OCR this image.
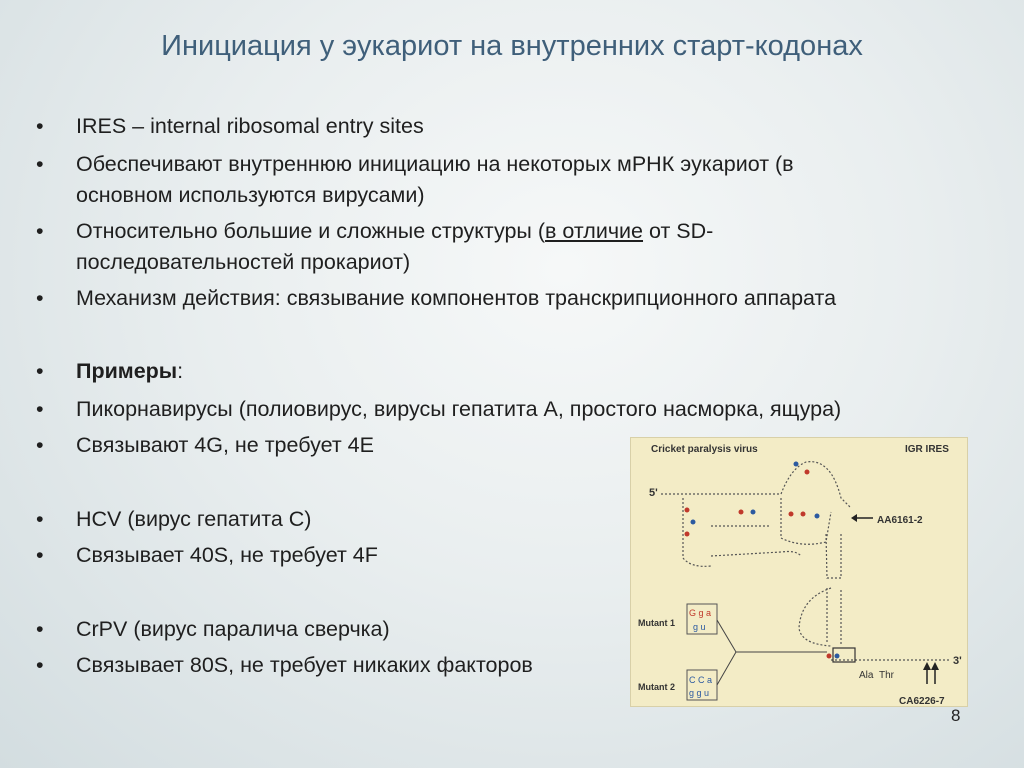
Инициация у эукариот на внутренних старт-кодонах
•	IRES – internal ribosomal entry sites
•	Обеспечивают внутреннюю инициацию на некоторых мРНК эукариот (в
основном используются вирусами)
•	Относительно большие и сложные структуры (в отличие от SD-
последовательностей прокариот)
•	Механизм действия: связывание компонентов транскрипционного аппарата
•	Примеры:
•	Пикорнавирусы (полиовирус, вирусы гепатита А, простого насморка, ящура)
•	Связывают 4G, не требует 4E
•	HCV (вирус гепатита С)
•	Связывает 40S, не требует 4F
•	CrPV (вирус паралича сверчка)
•	Связывает 80S, не требует никаких факторов
Cricket paralysis virus	IGR IRES
5'
3'
AA6161-2
CA6226-7
Mutant 1
Mutant 2
Ala Thr
G g a
g u
C C a
g g u
8
